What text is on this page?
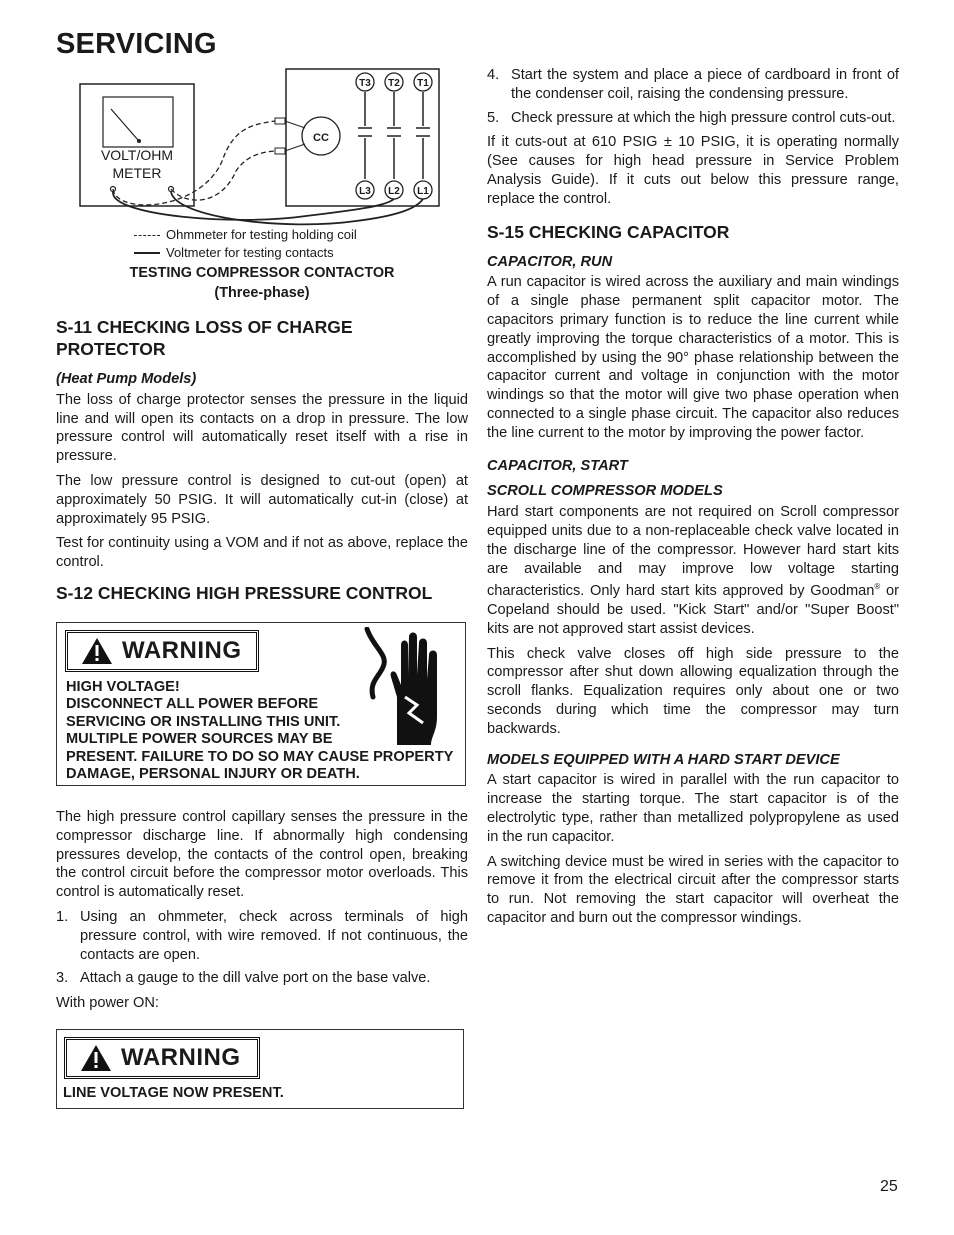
SERVICING
VOLT/OHM
METER
CC
T3	T2	T1
L3	L2	L1
Ohmmeter for testing holding coil
Voltmeter for testing contacts
TESTING COMPRESSOR CONTACTOR
(Three-phase)
S-11 CHECKING LOSS OF CHARGE PROTECTOR
(Heat Pump Models)

The loss of charge protector senses the pressure in the liquid line and will open its contacts on a drop in pressure. The low pressure control will automatically reset itself with a rise in pressure.

The low pressure control is designed to cut-out (open) at approximately 50 PSIG. It will automatically cut-in (close) at approximately 95 PSIG.

Test for continuity using a VOM and if not as above, replace the control.

S-12 CHECKING HIGH PRESSURE CONTROL
WARNING
HIGH VOLTAGE!
DISCONNECT ALL POWER BEFORE
SERVICING OR INSTALLING THIS UNIT.
MULTIPLE POWER SOURCES MAY BE
PRESENT. FAILURE TO DO SO MAY CAUSE PROPERTY
DAMAGE, PERSONAL INJURY OR DEATH.

The high pressure control capillary senses the pressure in the compressor discharge line. If abnormally high condensing pressures develop, the contacts of the control open, breaking the control circuit before the compressor motor overloads. This control is automatically reset.

1. Using an ohmmeter, check across terminals of high pressure control, with wire removed. If not continuous, the contacts are open.
3. Attach a gauge to the dill valve port on the base valve.

With power ON:

WARNING
LINE VOLTAGE NOW PRESENT.
4. Start the system and place a piece of cardboard in front of the condenser coil, raising the condensing pressure.
5. Check pressure at which the high pressure control cuts-out.

If it cuts-out at 610 PSIG ± 10 PSIG, it is operating normally (See causes for high head pressure in Service Problem Analysis Guide). If it cuts out below this pressure range, replace the control.

S-15 CHECKING CAPACITOR
CAPACITOR, RUN

A run capacitor is wired across the auxiliary and main windings of a single phase permanent split capacitor motor. The capacitors primary function is to reduce the line current while greatly improving the torque characteristics of a motor. This is accomplished by using the 90° phase relationship between the capacitor current and voltage in conjunction with the motor windings so that the motor will give two phase operation when connected to a single phase circuit. The capacitor also reduces the line current to the motor by improving the power factor.

CAPACITOR, START
SCROLL COMPRESSOR MODELS

Hard start components are not required on Scroll compressor equipped units due to a non-replaceable check valve located in the discharge line of the compressor. However hard start kits are available and may improve low voltage starting characteristics. Only hard start kits approved by Goodman® or Copeland should be used. "Kick Start" and/or "Super Boost" kits are not approved start assist devices.

This check valve closes off high side pressure to the compressor after shut down allowing equalization through the scroll flanks. Equalization requires only about one or two seconds during which time the compressor may turn backwards.

MODELS EQUIPPED WITH A HARD START DEVICE

A start capacitor is wired in parallel with the run capacitor to increase the starting torque. The start capacitor is of the electrolytic type, rather than metallized polypropylene as used in the run capacitor.

A switching device must be wired in series with the capacitor to remove it from the electrical circuit after the compressor starts to run. Not removing the start capacitor will overheat the capacitor and burn out the compressor windings.

25
